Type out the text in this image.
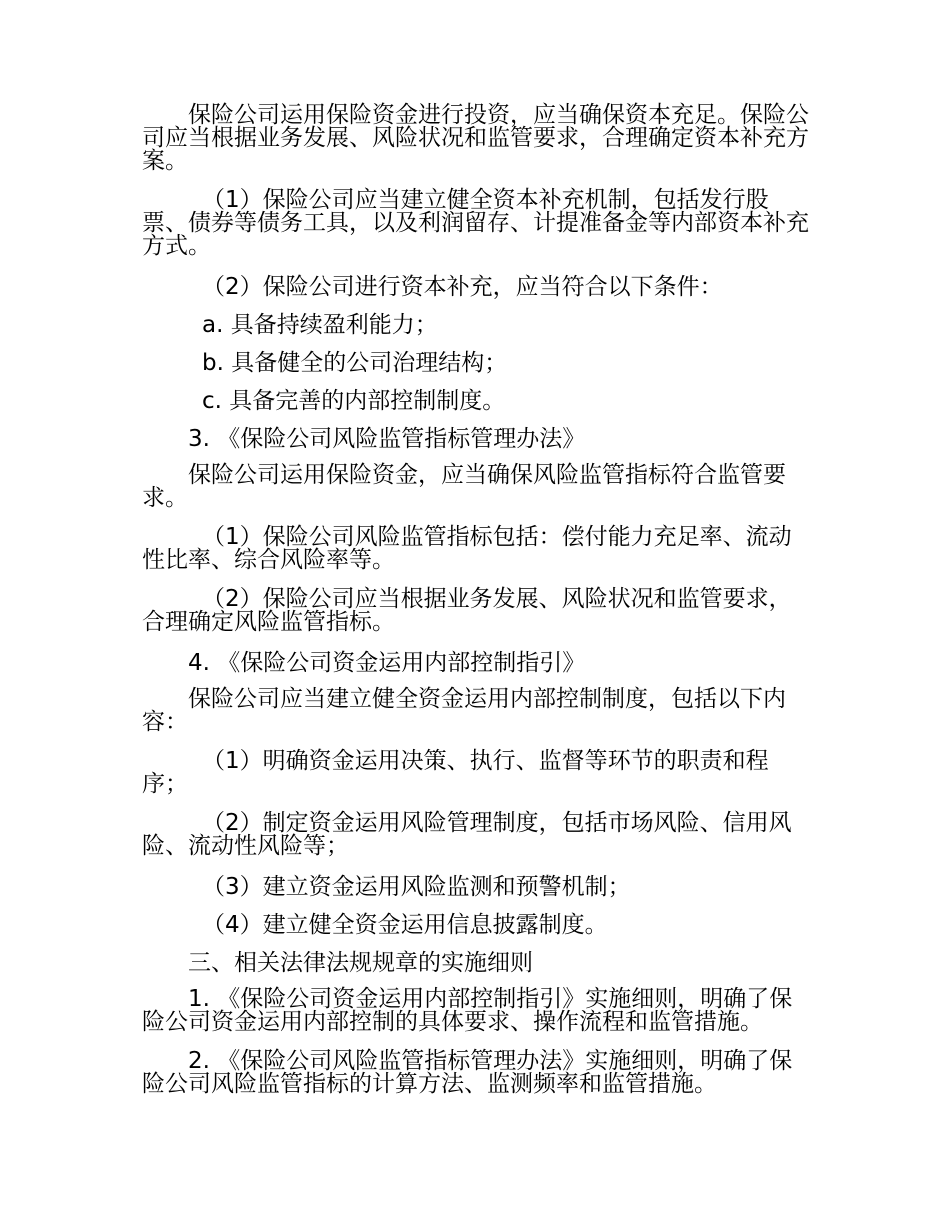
保险公司运用保险资金进行投资，应当确保资本充足。保险公司应当根据业务发展、风险状况和监管要求，合理确定资本补充方案。

（1）保险公司应当建立健全资本补充机制，包括发行股票、债券等债务工具，以及利润留存、计提准备金等内部资本补充方式。

（2）保险公司进行资本补充，应当符合以下条件：

a. 具备持续盈利能力；

b. 具备健全的公司治理结构；

c. 具备完善的内部控制制度。

3. 《保险公司风险监管指标管理办法》

保险公司运用保险资金，应当确保风险监管指标符合监管要求。

（1）保险公司风险监管指标包括：偿付能力充足率、流动性比率、综合风险率等。

（2）保险公司应当根据业务发展、风险状况和监管要求，合理确定风险监管指标。

4. 《保险公司资金运用内部控制指引》

保险公司应当建立健全资金运用内部控制制度，包括以下内容：

（1）明确资金运用决策、执行、监督等环节的职责和程序；

（2）制定资金运用风险管理制度，包括市场风险、信用风险、流动性风险等；

（3）建立资金运用风险监测和预警机制；

（4）建立健全资金运用信息披露制度。

三、相关法律法规规章的实施细则

1. 《保险公司资金运用内部控制指引》实施细则，明确了保险公司资金运用内部控制的具体要求、操作流程和监管措施。

2. 《保险公司风险监管指标管理办法》实施细则，明确了保险公司风险监管指标的计算方法、监测频率和监管措施。
